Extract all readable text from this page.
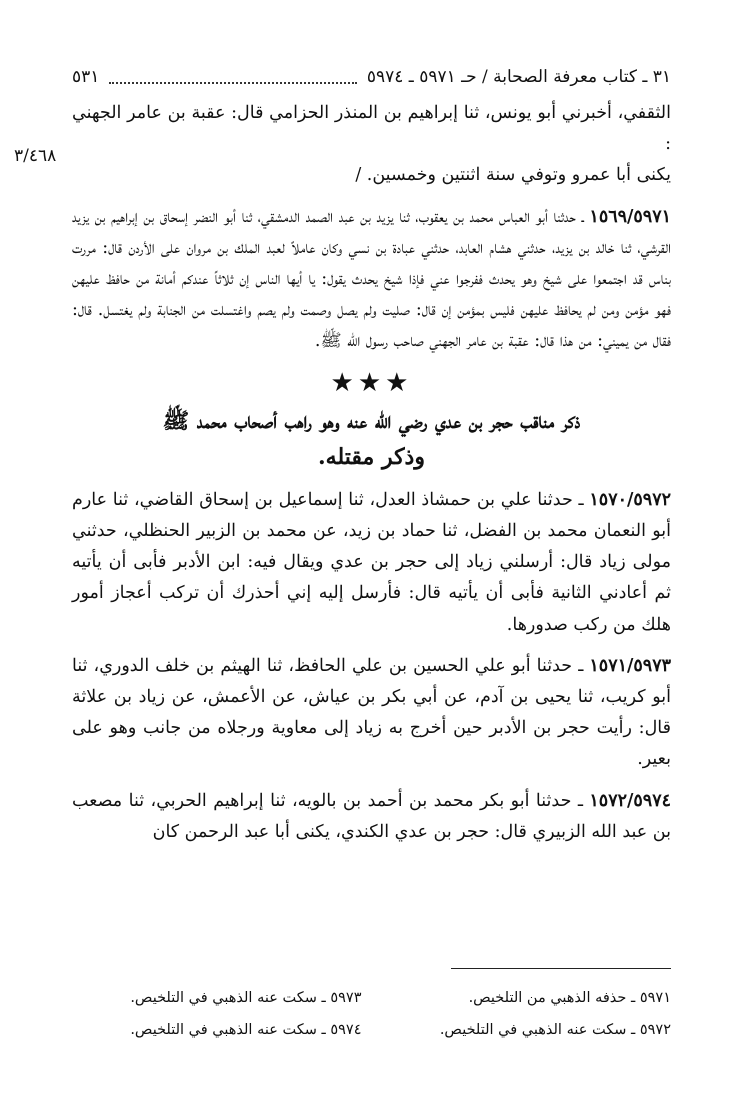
٣١ ـ كتاب معرفة الصحابة / حـ ٥٩٧١ ـ ٥٩٧٤
٥٣١
٣/٤٦٨

الثقفي، أخبرني أبو يونس، ثنا إبراهيم بن المنذر الحزامي قال: عقبة بن عامر الجهني :

يكنى أبا عمرو وتوفي سنة اثنتين وخمسين. /

١٥٦٩/٥٩٧١ ـ حدثنا أبو العباس محمد بن يعقوب، ثنا يزيد بن عبد الصمد الدمشقي، ثنا أبو النضر إسحاق بن إبراهيم بن يزيد القرشي، ثنا خالد بن يزيد، حدثني هشام العابد، حدثني عبادة بن نسي وكان عاملاً لعبد الملك بن مروان على الأردن قال: مررت بناس قد اجتمعوا على شيخ وهو يحدث ففرجوا عني فإذا شيخ يحدث يقول: يا أيها الناس إن ثلاثاً عندكم أمانة من حافظ عليهن فهو مؤمن ومن لم يحافظ عليهن فليس بمؤمن إن قال: صليت ولم يصل وصمت ولم يصم واغتسلت من الجنابة ولم يغتسل. قال: فقال من يميني: من هذا قال: عقبة بن عامر الجهني صاحب رسول الله ﷺ.

★★★
ذكر مناقب حجر بن عدي رضي الله عنه وهو راهب أصحاب محمد ﷺ
وذكر مقتله.

١٥٧٠/٥٩٧٢ ـ حدثنا علي بن حمشاذ العدل، ثنا إسماعيل بن إسحاق القاضي، ثنا عارم أبو النعمان محمد بن الفضل، ثنا حماد بن زيد، عن محمد بن الزبير الحنظلي، حدثني مولى زياد قال: أرسلني زياد إلى حجر بن عدي ويقال فيه: ابن الأدبر فأبى أن يأتيه ثم أعادني الثانية فأبى أن يأتيه قال: فأرسل إليه إني أحذرك أن تركب أعجاز أمور هلك من ركب صدورها.

١٥٧١/٥٩٧٣ ـ حدثنا أبو علي الحسين بن علي الحافظ، ثنا الهيثم بن خلف الدوري، ثنا أبو كريب، ثنا يحيى بن آدم، عن أبي بكر بن عياش، عن الأعمش، عن زياد بن علاثة قال: رأيت حجر بن الأدبر حين أخرج به زياد إلى معاوية ورجلاه من جانب وهو على بعير.

١٥٧٢/٥٩٧٤ ـ حدثنا أبو بكر محمد بن أحمد بن بالويه، ثنا إبراهيم الحربي، ثنا مصعب بن عبد الله الزبيري قال: حجر بن عدي الكندي، يكنى أبا عبد الرحمن كان

٥٩٧١ ـ حذفه الذهبي من التلخيص.
٥٩٧٣ ـ سكت عنه الذهبي في التلخيص.
٥٩٧٢ ـ سكت عنه الذهبي في التلخيص.
٥٩٧٤ ـ سكت عنه الذهبي في التلخيص.
